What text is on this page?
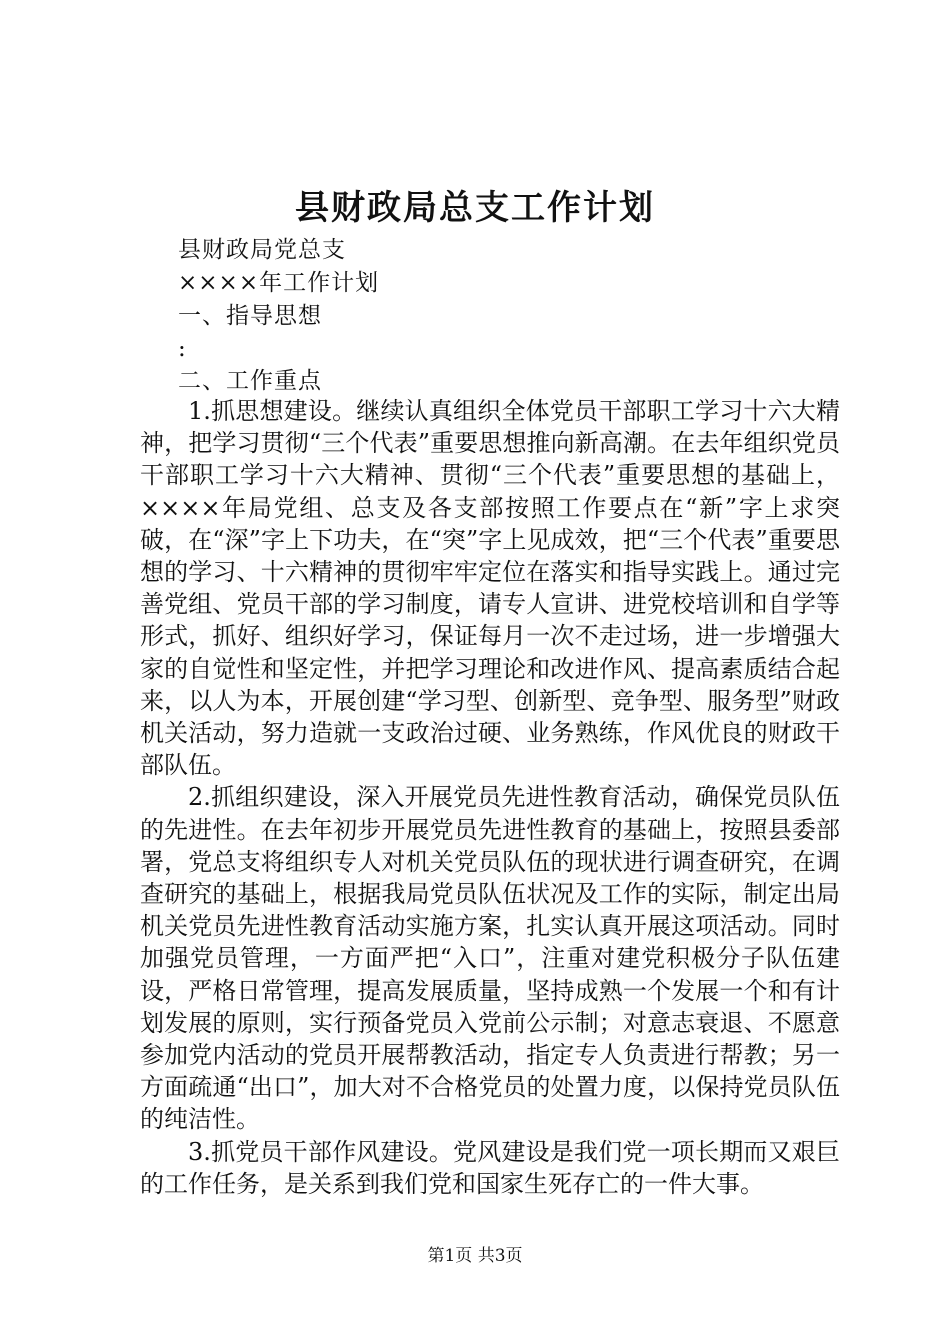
县财政局总支工作计划
县财政局党总支
××××年工作计划
一、指导思想
:
二、工作重点

1.抓思想建设。继续认真组织全体党员干部职工学习十六大精神，把学习贯彻“三个代表”重要思想推向新高潮。在去年组织党员干部职工学习十六大精神、贯彻“三个代表”重要思想的基础上，××××年局党组、总支及各支部按照工作要点在“新”字上求突破，在“深”字上下功夫，在“突”字上见成效，把“三个代表”重要思想的学习、十六精神的贯彻牢牢定位在落实和指导实践上。通过完善党组、党员干部的学习制度，请专人宣讲、进党校培训和自学等形式，抓好、组织好学习，保证每月一次不走过场，进一步增强大家的自觉性和坚定性，并把学习理论和改进作风、提高素质结合起来，以人为本，开展创建“学习型、创新型、竞争型、服务型”财政机关活动，努力造就一支政治过硬、业务熟练，作风优良的财政干部队伍。

2.抓组织建设，深入开展党员先进性教育活动，确保党员队伍的先进性。在去年初步开展党员先进性教育的基础上，按照县委部署，党总支将组织专人对机关党员队伍的现状进行调查研究，在调查研究的基础上，根据我局党员队伍状况及工作的实际，制定出局机关党员先进性教育活动实施方案，扎实认真开展这项活动。同时加强党员管理，一方面严把“入口”，注重对建党积极分子队伍建设，严格日常管理，提高发展质量，坚持成熟一个发展一个和有计划发展的原则，实行预备党员入党前公示制；对意志衰退、不愿意参加党内活动的党员开展帮教活动，指定专人负责进行帮教；另一方面疏通“出口”，加大对不合格党员的处置力度，以保持党员队伍的纯洁性。

3.抓党员干部作风建设。党风建设是我们党一项长期而又艰巨的工作任务，是关系到我们党和国家生死存亡的一件大事。

第1页 共3页
